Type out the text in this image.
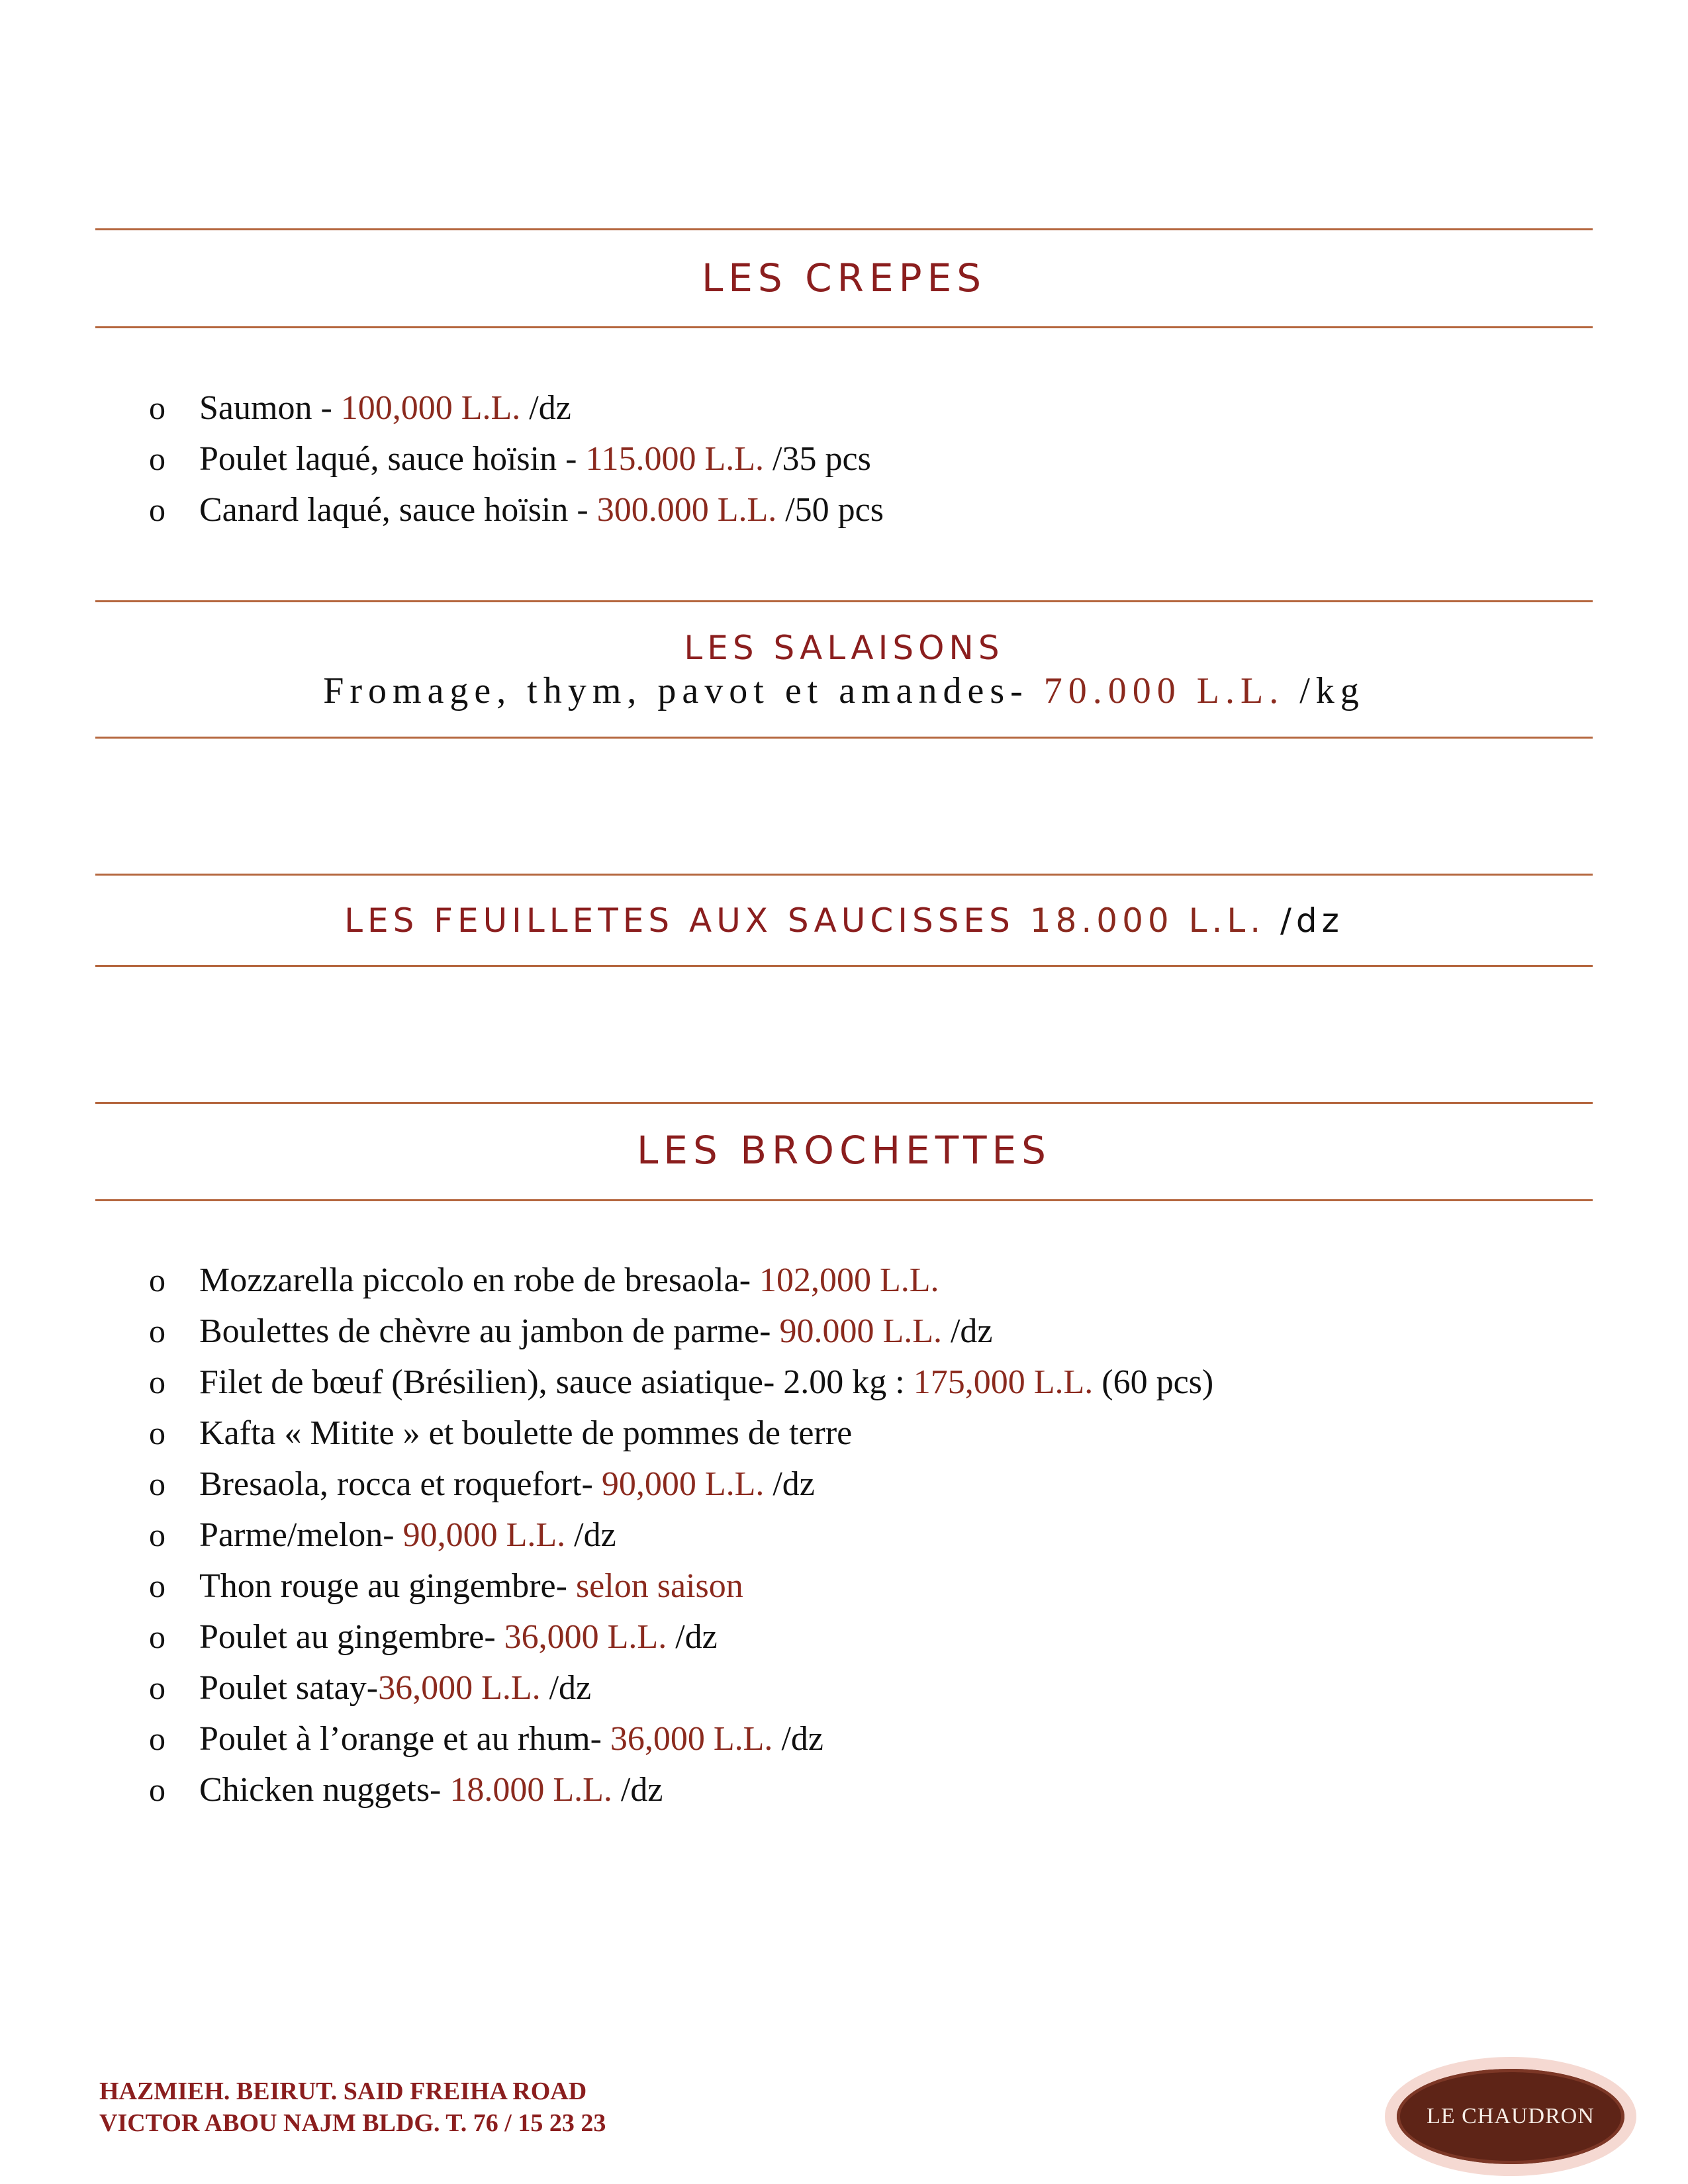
LES CREPES
o Saumon - 100,000 L.L. /dz
o Poulet laqué, sauce hoïsin - 115.000 L.L. /35 pcs
o Canard laqué, sauce hoïsin - 300.000 L.L. /50 pcs
LES SALAISONS
Fromage, thym, pavot et amandes- 70.000 L.L. /kg
LES FEUILLETES AUX SAUCISSES 18.000 L.L. /dz
LES BROCHETTES
o Mozzarella piccolo en robe de bresaola- 102,000 L.L.
o Boulettes de chèvre au jambon de parme- 90.000 L.L. /dz
o Filet de bœuf (Brésilien), sauce asiatique- 2.00 kg : 175,000 L.L. (60 pcs)
o Kafta « Mitite » et boulette de pommes de terre
o Bresaola, rocca et roquefort- 90,000 L.L. /dz
o Parme/melon- 90,000 L.L. /dz
o Thon rouge au gingembre- selon saison
o Poulet au gingembre- 36,000 L.L. /dz
o Poulet satay-36,000 L.L. /dz
o Poulet à l’orange et au rhum- 36,000 L.L. /dz
o Chicken nuggets- 18.000 L.L. /dz
HAZMIEH. BEIRUT. SAID FREIHA ROAD
VICTOR ABOU NAJM BLDG. T. 76 / 15 23 23	LE CHAUDRON
